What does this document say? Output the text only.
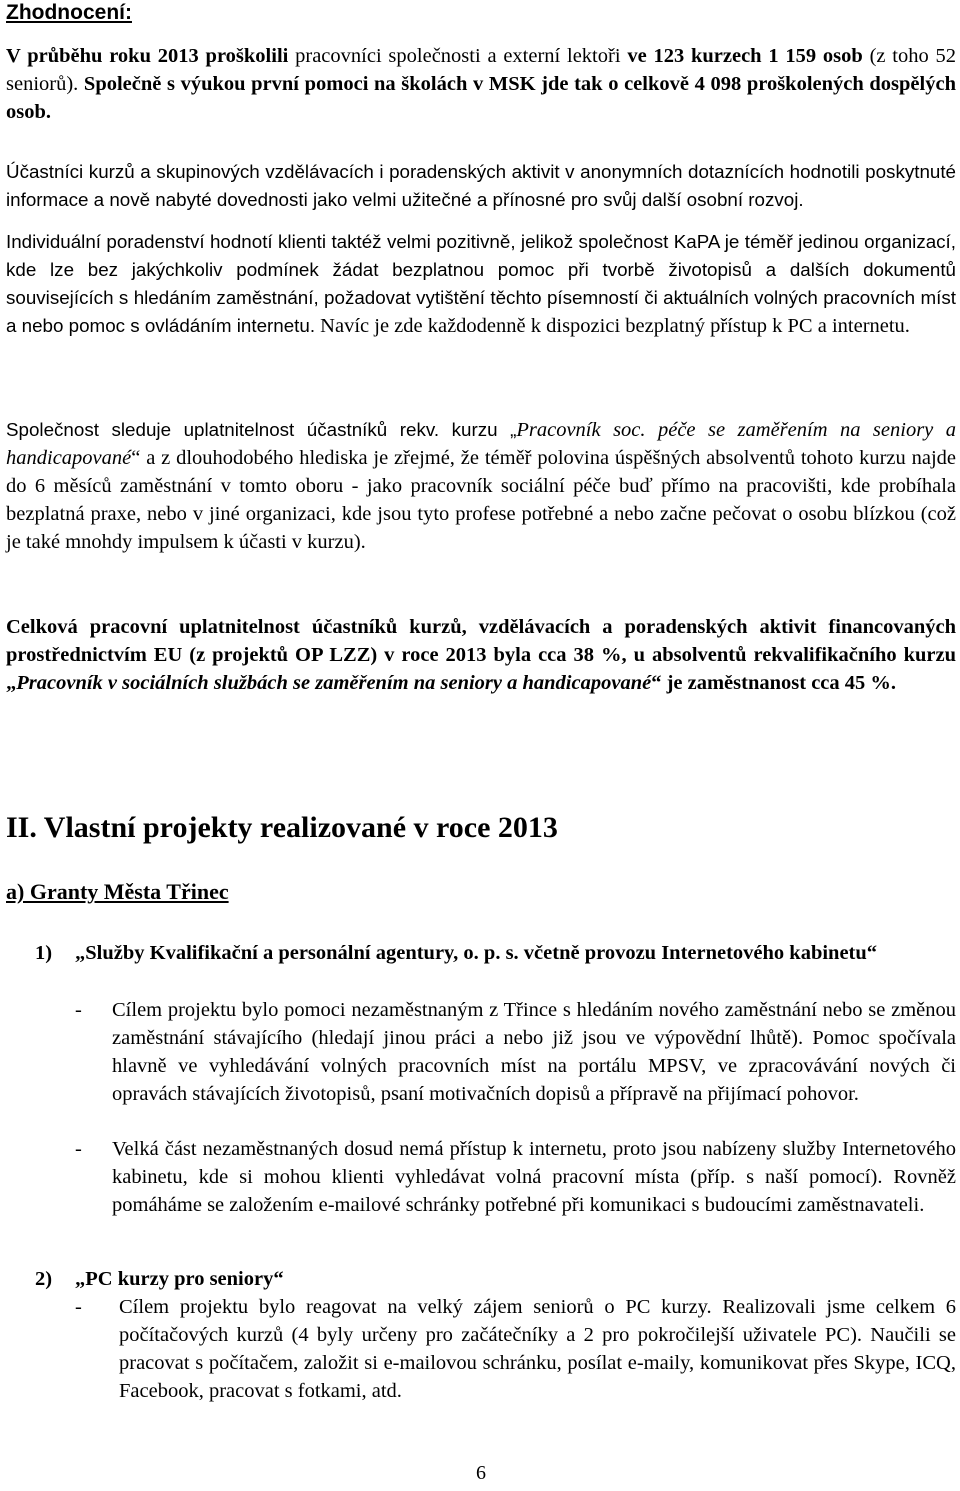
Zhodnocení:
V průběhu roku 2013 proškolili pracovníci společnosti a externí lektoři ve 123 kurzech 1 159 osob (z toho 52 seniorů). Společně s výukou první pomoci na školách v MSK jde tak o celkově 4 098 proškolených dospělých osob.
Účastníci kurzů a skupinových vzdělávacích i poradenských aktivit v anonymních dotaznících hodnotili poskytnuté informace a nově nabyté dovednosti jako velmi užitečné a přínosné pro svůj další osobní rozvoj.
Individuální poradenství hodnotí klienti taktéž velmi pozitivně, jelikož společnost KaPA je téměř jedinou organizací, kde lze bez jakýchkoliv podmínek žádat bezplatnou pomoc při tvorbě životopisů a dalších dokumentů souvisejících s hledáním zaměstnání, požadovat vytištění těchto písemností či aktuálních volných pracovních míst a nebo pomoc s ovládáním internetu. Navíc je zde každodenně k dispozici bezplatný přístup k PC a internetu.
Společnost sleduje uplatnitelnost účastníků rekv. kurzu „Pracovník soc. péče se zaměřením na seniory a handicapované“ a z dlouhodobého hlediska je zřejmé, že téměř polovina úspěšných absolventů tohoto kurzu najde do 6 měsíců zaměstnání v tomto oboru - jako pracovník sociální péče buď přímo na pracovišti, kde probíhala bezplatná praxe, nebo v jiné organizaci, kde jsou tyto profese potřebné a nebo začne pečovat o osobu blízkou (což je také mnohdy impulsem k účasti v kurzu).
Celková pracovní uplatnitelnost účastníků kurzů, vzdělávacích a poradenských aktivit financovaných prostřednictvím EU (z projektů OP LZZ) v roce 2013 byla cca 38 %, u absolventů rekvalifikačního kurzu „Pracovník v sociálních službách se zaměřením na seniory a handicapované“ je zaměstnanost cca 45 %.
II. Vlastní projekty realizované v roce 2013
a) Granty Města Třinec
1)	„Služby Kvalifikační a personální agentury, o. p. s. včetně provozu Internetového kabinetu“
- Cílem projektu bylo pomoci nezaměstnaným z Třince s hledáním nového zaměstnání nebo se změnou zaměstnání stávajícího (hledají jinou práci a nebo již jsou ve výpovědní lhůtě). Pomoc spočívala hlavně ve vyhledávání volných pracovních míst na portálu MPSV, ve zpracovávání nových či opravách stávajících životopisů, psaní motivačních dopisů a přípravě na přijímací pohovor.
- Velká část nezaměstnaných dosud nemá přístup k internetu, proto jsou nabízeny služby Internetového kabinetu, kde si mohou klienti vyhledávat volná pracovní místa (příp. s naší pomocí). Rovněž pomáháme se založením e-mailové schránky potřebné při komunikaci s budoucími zaměstnavateli.
2)	„PC kurzy pro seniory“
- Cílem projektu bylo reagovat na velký zájem seniorů o PC kurzy. Realizovali jsme celkem 6 počítačových kurzů (4 byly určeny pro začátečníky a 2 pro pokročilejší uživatele PC). Naučili se pracovat s počítačem, založit si e-mailovou schránku, posílat e-maily, komunikovat přes Skype, ICQ, Facebook, pracovat s fotkami, atd.
6
